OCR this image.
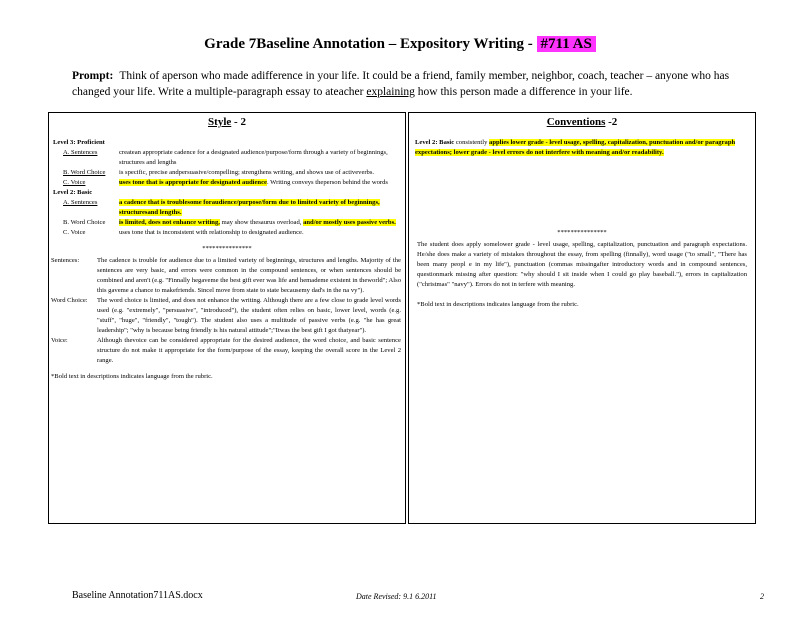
Grade 7Baseline Annotation – Expository Writing - #711 AS
Prompt: Think of aperson who made adifference in your life. It could be a friend, family member, neighbor, coach, teacher – anyone who has changed your life. Write a multiple-paragraph essay to ateacher explaining how this person made a difference in your life.
Style - 2
Level 3: Proficient
A. Sentences	createan appropriate cadence for a designated audience/purpose/form through a variety of beginnings, structures and lengths
B. Word Choice	is specific, precise andpersuasive/compelling; strengthens writing, and shows use of activeverbs.
C. Voice	uses tone that is appropriate for designated audience. Writing conveys theperson behind the words
Level 2: Basic
A. Sentences	a cadence that is troublesome foraudience/purpose/form due to limited variety of beginnings, structuresand lengths.
B. Word Choice	is limited, does not enhance writing, may show thesaurus overload, and/or mostly uses passive verbs.
C. Voice	uses tone that is inconsistent with relationship to designated audience.
***************
Sentences:	The cadence is trouble for audience due to a limited variety of beginnings, structures and lengths. Majority of the sentences are very basic, and errors were common in the compound sentences, or when sentences should be combined and aren't (e.g. "Finnally hegaveme the best gift ever was life and hemademe existent in theworld"; Also this gaveme a chance to makefriends. Sincel move from state to state becausemy dad's in the na vy").
Word Choice:	The word choice is limited, and does not enhance the writing. Although there are a few close to grade level words used (e.g. "extremely", "persuasive", "introduced"), the student often relies on basic, lower level, words (e.g. "stuff", "huge", "friendly", "tough"). The student also uses a multitude of passive verbs (e.g. "he has great leadership"; "why is because being friendly is his natural attitude";"Itwas the best gift I got thatyear").
Voice:	Although thevoice can be considered appropriate for the desired audience, the word choice, and basic sentence structure do not make it appropriate for the form/purpose of the essay, keeping the overall score in the Level 2 range.
*Bold text in descriptions indicates language from the rubric.
Conventions -2
Level 2: Basic consistently applies lower grade - level usage, spelling, capitalization, punctuation and/or paragraph expectations; lower grade - level errors do not interfere with meaning and/or readability.
***************
The student does apply somelower grade - level usage, spelling, capitalization, punctuation and paragraph expectations. He/she does make a variety of mistakes throughout the essay, from spelling (finnally), word usage ("to small", "There has been many peopl e in my life"), punctuation (commas missingafter introductory words and in compound sentences, questionmark missing after question: "why should I sit inside when I could go play baseball."), errors in capitalization ("christmas" "navy"). Errors do not in terfere with meaning.
*Bold text in descriptions indicates language from the rubric.
Baseline Annotation711AS.docx	Date Revised: 9.1 6.2011	2
